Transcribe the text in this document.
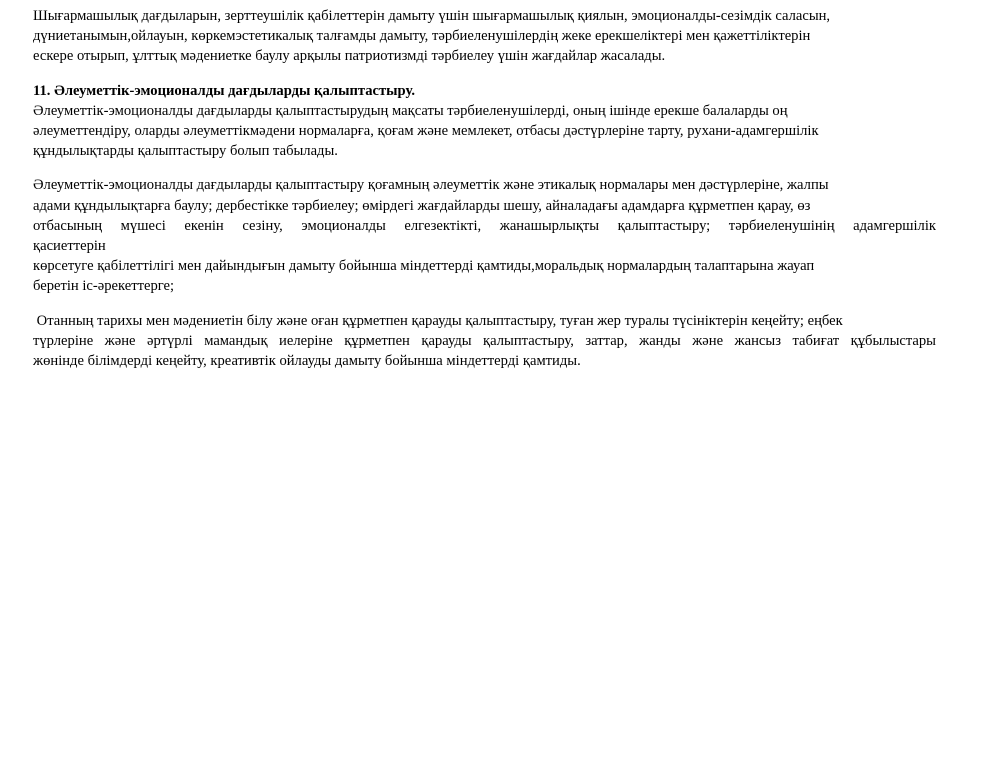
Шығармашылық дағдыларын, зерттеушілік қабілеттерін дамыту үшін шығармашылық қиялын, эмоционалды-сезімдік саласын,
дүниетанымын,ойлауын, көркемэстетикалық талғамды дамыту, тәрбиеленушілердің жеке ерекшеліктері мен қажеттіліктерін
ескере отырып, ұлттық мәдениетке баулу арқылы патриотизмді тәрбиелеу үшін жағдайлар жасалады.
11. Әлеуметтік-эмоционалды дағдыларды қалыптастыру.
Әлеуметтік-эмоционалды дағдыларды қалыптастырудың мақсаты тәрбиеленушілерді, оның ішінде ерекше балаларды оң
әлеуметтендіру, оларды әлеуметтікмәдени нормаларға, қоғам және мемлекет, отбасы дәстүрлеріне тарту, рухани-адамгершілік
құндылықтарды қалыптастыру болып табылады.
Әлеуметтік-эмоционалды дағдыларды қалыптастыру қоғамның әлеуметтік және этикалық нормалары мен дәстүрлеріне, жалпы
адами құндылықтарға баулу; дербестікке тәрбиелеу; өмірдегі жағдайларды шешу, айналадағы адамдарға құрметпен қарау, өз
отбасының мүшесі екенін сезіну, эмоционалды елгезектікті, жанашырлықты қалыптастыру; тәрбиеленушінің адамгершілік
қасиеттерін
көрсетуге қабілеттілігі мен дайындығын дамыту бойынша міндеттерді қамтиды,моральдық нормалардың талаптарына жауап
беретін іс-әрекеттерге;
Отанның тарихы мен мәдениетін білу және оған құрметпен қарауды қалыптастыру, туған жер туралы түсініктерін кеңейту; еңбек
түрлеріне және әртүрлі мамандық иелеріне құрметпен қарауды қалыптастыру, заттар, жанды және жансыз табиғат құбылыстары
жөнінде білімдерді кеңейту, креативтік ойлауды дамыту бойынша міндеттерді қамтиды.
